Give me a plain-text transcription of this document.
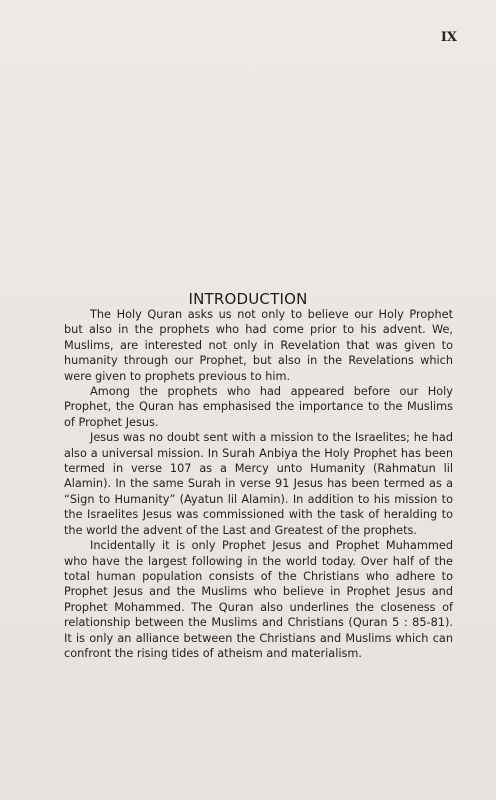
IX
INTRODUCTION

The Holy Quran asks us not only to believe our Holy Prophet but also in the prophets who had come prior to his advent. We, Muslims, are interested not only in Revelation that was given to humanity through our Prophet, but also in the Revelations which were given to prophets previous to him.

Among the prophets who had appeared before our Holy Prophet, the Quran has emphasised the importance to the Muslims of Prophet Jesus.

Jesus was no doubt sent with a mission to the Israelites; he had also a universal mission. In Surah Anbiya the Holy Prophet has been termed in verse 107 as a Mercy unto Humanity (Rahmatun lil Alamin). In the same Surah in verse 91 Jesus has been termed as a “Sign to Humanity” (Ayatun lil Alamin). In addition to his mission to the Israelites Jesus was commissioned with the task of heralding to the world the advent of the Last and Greatest of the prophets.

Incidentally it is only Prophet Jesus and Prophet Muhammed who have the largest following in the world today. Over half of the total human population consists of the Christians who adhere to Prophet Jesus and the Muslims who believe in Prophet Jesus and Prophet Mohammed. The Quran also underlines the closeness of relationship between the Muslims and Christians (Quran 5 : 85-81). It is only an alliance between the Christians and Muslims which can confront the rising tides of atheism and materialism.
